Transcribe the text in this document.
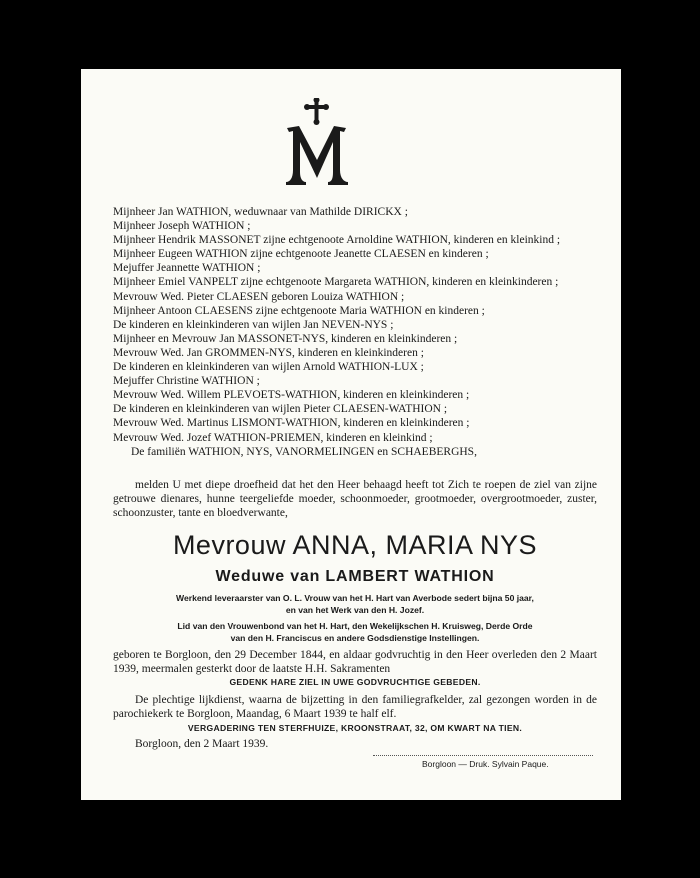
Mijnheer Jan WATHION, weduwnaar van Mathilde DIRICKX ;
Mijnheer Joseph WATHION ;
Mijnheer Hendrik MASSONET zijne echtgenoote Arnoldine WATHION, kinderen en kleinkind ;
Mijnheer Eugeen WATHION zijne echtgenoote Jeanette CLAESEN en kinderen ;
Mejuffer Jeannette WATHION ;
Mijnheer Emiel VANPELT zijne echtgenoote Margareta WATHION, kinderen en kleinkinderen ;
Mevrouw Wed. Pieter CLAESEN geboren Louiza WATHION ;
Mijnheer Antoon CLAESENS zijne echtgenoote Maria WATHION en kinderen ;
De kinderen en kleinkinderen van wijlen Jan NEVEN-NYS ;
Mijnheer en Mevrouw Jan MASSONET-NYS, kinderen en kleinkinderen ;
Mevrouw Wed. Jan GROMMEN-NYS, kinderen en kleinkinderen ;
De kinderen en kleinkinderen van wijlen Arnold WATHION-LUX ;
Mejuffer Christine WATHION ;
Mevrouw Wed. Willem PLEVOETS-WATHION, kinderen en kleinkinderen ;
De kinderen en kleinkinderen van wijlen Pieter CLAESEN-WATHION ;
Mevrouw Wed. Martinus LISMONT-WATHION, kinderen en kleinkinderen ;
Mevrouw Wed. Jozef WATHION-PRIEMEN, kinderen en kleinkind ;
De familiën WATHION, NYS, VANORMELINGEN en SCHAEBERGHS,

melden U met diepe droefheid dat het den Heer behaagd heeft tot Zich te roepen de ziel van zijne getrouwe dienares, hunne teergeliefde moeder, schoonmoeder, grootmoeder, overgrootmoeder, zuster, schoonzuster, tante en bloedverwante,

Mevrouw ANNA, MARIA NYS
Weduwe van LAMBERT WATHION
Werkend leveraarster van O. L. Vrouw van het H. Hart van Averbode sedert bijna 50 jaar,
en van het Werk van den H. Jozef.
Lid van den Vrouwenbond van het H. Hart, den Wekelijkschen H. Kruisweg, Derde Orde
van den H. Franciscus en andere Godsdienstige Instellingen.

geboren te Borgloon, den 29 December 1844, en aldaar godvruchtig in den Heer overleden den 2 Maart 1939, meermalen gesterkt door de laatste H.H. Sakramenten

GEDENK HARE ZIEL IN UWE GODVRUCHTIGE GEBEDEN.

De plechtige lijkdienst, waarna de bijzetting in den familiegrafkelder, zal gezongen worden in de parochiekerk te Borgloon, Maandag, 6 Maart 1939 te half elf.

VERGADERING TEN STERFHUIZE, KROONSTRAAT, 32, OM KWART NA TIEN.

Borgloon, den 2 Maart 1939.

Borgloon — Druk. Sylvain Paque.
